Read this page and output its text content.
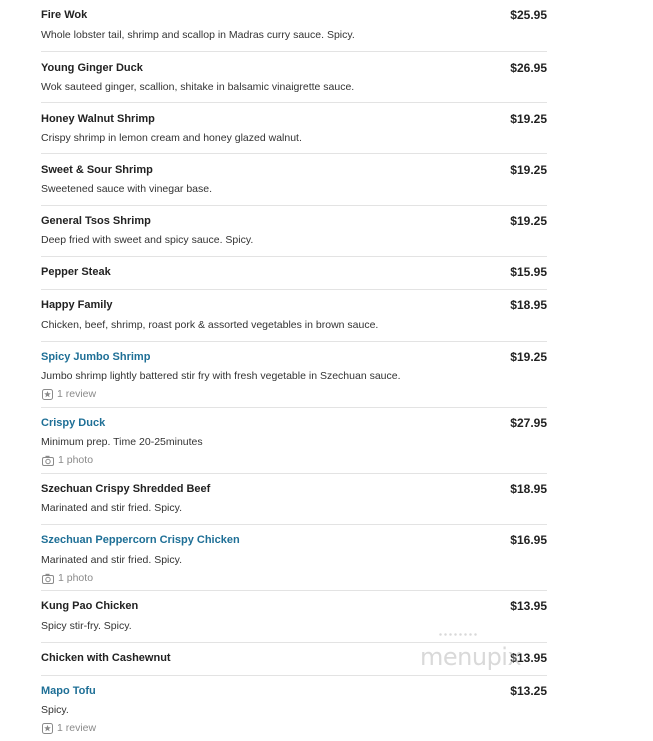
Fire Wok	$25.95
Whole lobster tail, shrimp and scallop in Madras curry sauce. Spicy.
Young Ginger Duck	$26.95
Wok sauteed ginger, scallion, shitake in balsamic vinaigrette sauce.
Honey Walnut Shrimp	$19.25
Crispy shrimp in lemon cream and honey glazed walnut.
Sweet & Sour Shrimp	$19.25
Sweetened sauce with vinegar base.
General Tsos Shrimp	$19.25
Deep fried with sweet and spicy sauce. Spicy.
Pepper Steak	$15.95
Happy Family	$18.95
Chicken, beef, shrimp, roast pork & assorted vegetables in brown sauce.
Spicy Jumbo Shrimp	$19.25
Jumbo shrimp lightly battered stir fry with fresh vegetable in Szechuan sauce.
1 review
Crispy Duck	$27.95
Minimum prep. Time 20-25minutes
1 photo
Szechuan Crispy Shredded Beef	$18.95
Marinated and stir fried. Spicy.
Szechuan Peppercorn Crispy Chicken	$16.95
Marinated and stir fried. Spicy.
1 photo
Kung Pao Chicken	$13.95
Spicy stir-fry. Spicy.
Chicken with Cashewnut	$13.95
Mapo Tofu	$13.25
Spicy.
1 review
menupix
